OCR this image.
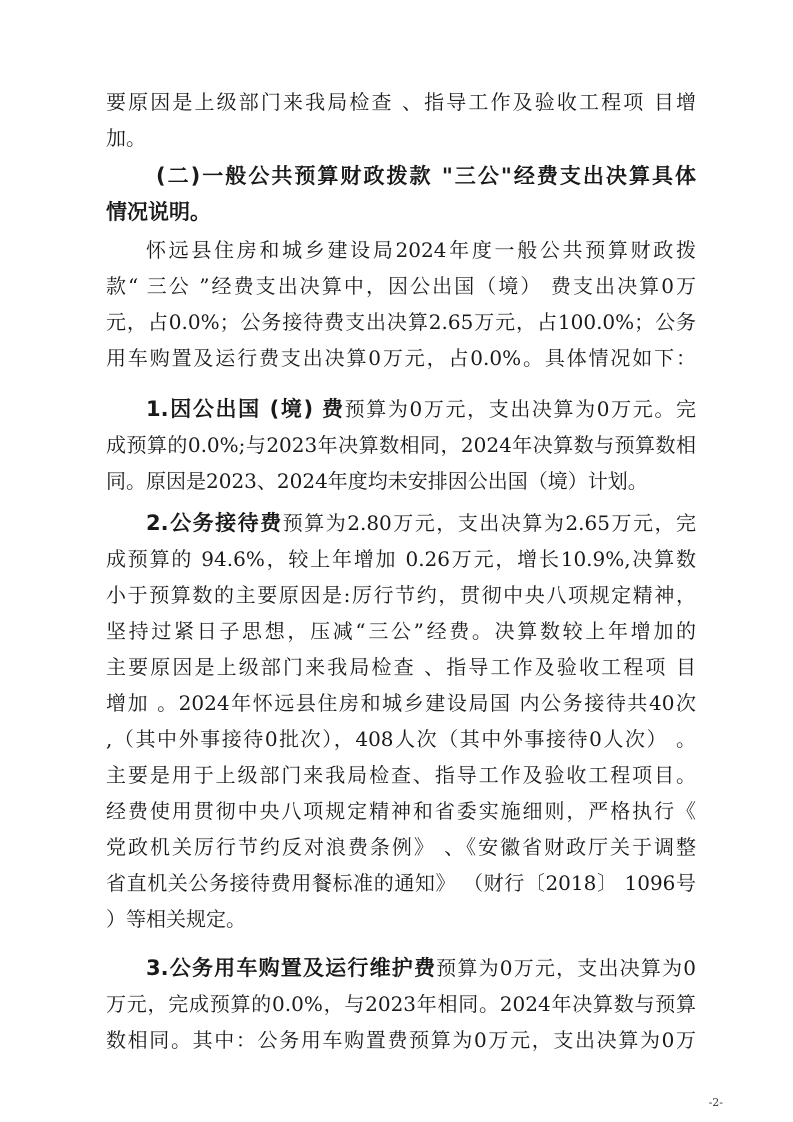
要原因是上级部门来我局检查 、指导工作及验收工程项 目增
加。
(二)一般公共预算财政拨款 "三公"经费支出决算具体
情况说明。
怀远县住房和城乡建设局2024年度一般公共预算财政拨
款“ 三公 ”经费支出决算中，因公出国（境） 费支出决算0万
元，占0.0%；公务接待费支出决算2.65万元，占100.0%；公务
用车购置及运行费支出决算0万元，占0.0%。具体情况如下：
1.因公出国 (境) 费预算为0万元，支出决算为0万元。完
成预算的0.0%;与2023年决算数相同，2024年决算数与预算数相
同。原因是2023、2024年度均未安排因公出国（境）计划。
2.公务接待费预算为2.80万元，支出决算为2.65万元，完
成预算的 94.6%，较上年增加 0.26万元，增长10.9%,决算数
小于预算数的主要原因是:厉行节约，贯彻中央八项规定精神，
坚持过紧日子思想，压减“三公”经费。决算数较上年增加的
主要原因是上级部门来我局检查 、指导工作及验收工程项 目
增加 。2024年怀远县住房和城乡建设局国 内公务接待共40次
,（其中外事接待0批次），408人次（其中外事接待0人次） 。
主要是用于上级部门来我局检查、指导工作及验收工程项目。
经费使用贯彻中央八项规定精神和省委实施细则，严格执行《
党政机关厉行节约反对浪费条例》 、《安徽省财政厅关于调整
省直机关公务接待费用餐标准的通知》 （财行〔2018〕 1096号
）等相关规定。
3.公务用车购置及运行维护费预算为0万元，支出决算为0
万元，完成预算的0.0%，与2023年相同。2024年决算数与预算
数相同。其中：公务用车购置费预算为0万元，支出决算为0万
-2-
